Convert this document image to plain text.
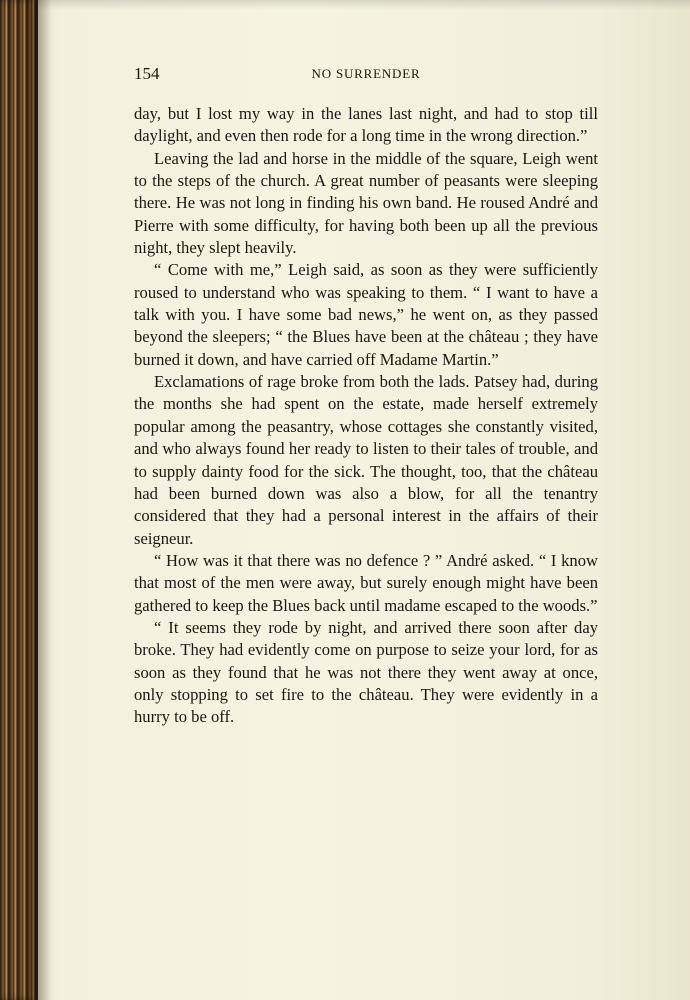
154	NO SURRENDER

day, but I lost my way in the lanes last night, and had to stop till daylight, and even then rode for a long time in the wrong direction.”

Leaving the lad and horse in the middle of the square, Leigh went to the steps of the church. A great number of peasants were sleeping there. He was not long in finding his own band. He roused André and Pierre with some difficulty, for having both been up all the previous night, they slept heavily.

“ Come with me,” Leigh said, as soon as they were sufficiently roused to understand who was speaking to them. “ I want to have a talk with you. I have some bad news,” he went on, as they passed beyond the sleepers; “ the Blues have been at the château ; they have burned it down, and have carried off Madame Martin.”

Exclamations of rage broke from both the lads. Patsey had, during the months she had spent on the estate, made herself extremely popular among the peasantry, whose cottages she constantly visited, and who always found her ready to listen to their tales of trouble, and to supply dainty food for the sick. The thought, too, that the château had been burned down was also a blow, for all the tenantry considered that they had a personal interest in the affairs of their seigneur.

“ How was it that there was no defence ? ” André asked. “ I know that most of the men were away, but surely enough might have been gathered to keep the Blues back until madame escaped to the woods.”

“ It seems they rode by night, and arrived there soon after day broke. They had evidently come on purpose to seize your lord, for as soon as they found that he was not there they went away at once, only stopping to set fire to the château. They were evidently in a hurry to be off.
